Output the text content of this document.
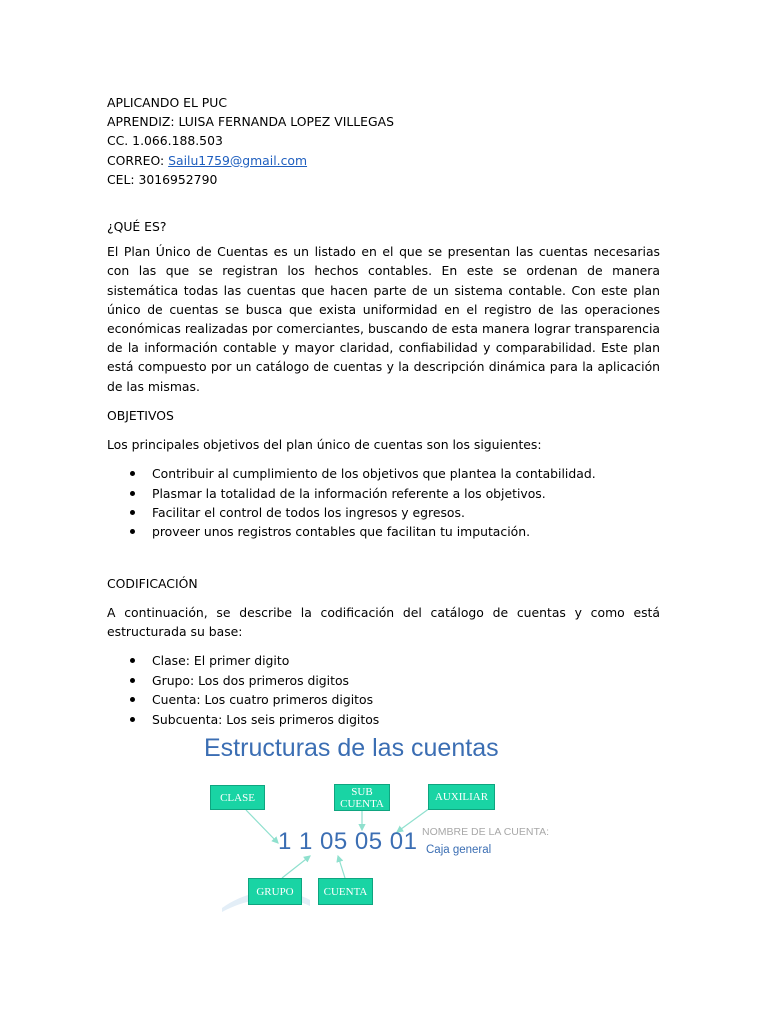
APLICANDO EL PUC
APRENDIZ: LUISA FERNANDA LOPEZ VILLEGAS
CC. 1.066.188.503
CORREO: Sailu1759@gmail.com
CEL: 3016952790
¿QUÉ ES?
El Plan Único de Cuentas es un listado en el que se presentan las cuentas necesarias con las que se registran los hechos contables. En este se ordenan de manera sistemática todas las cuentas que hacen parte de un sistema contable. Con este plan único de cuentas se busca que exista uniformidad en el registro de las operaciones económicas realizadas por comerciantes, buscando de esta manera lograr transparencia de la información contable y mayor claridad, confiabilidad y comparabilidad. Este plan está compuesto por un catálogo de cuentas y la descripción dinámica para la aplicación de las mismas.
OBJETIVOS
Los principales objetivos del plan único de cuentas son los siguientes:
Contribuir al cumplimiento de los objetivos que plantea la contabilidad.
Plasmar la totalidad de la información referente a los objetivos.
Facilitar el control de todos los ingresos y egresos.
proveer unos registros contables que facilitan tu imputación.
CODIFICACIÓN
A continuación, se describe la codificación del catálogo de cuentas y como está estructurada su base:
Clase: El primer digito
Grupo: Los dos primeros digitos
Cuenta: Los cuatro primeros digitos
Subcuenta: Los seis primeros digitos
Estructuras de las cuentas
CLASE	SUB
CUENTA
AUXILIAR
GRUPO	CUENTA
1 1 05 05 01 NOMBRE DE LA CUENTA:
Caja general
